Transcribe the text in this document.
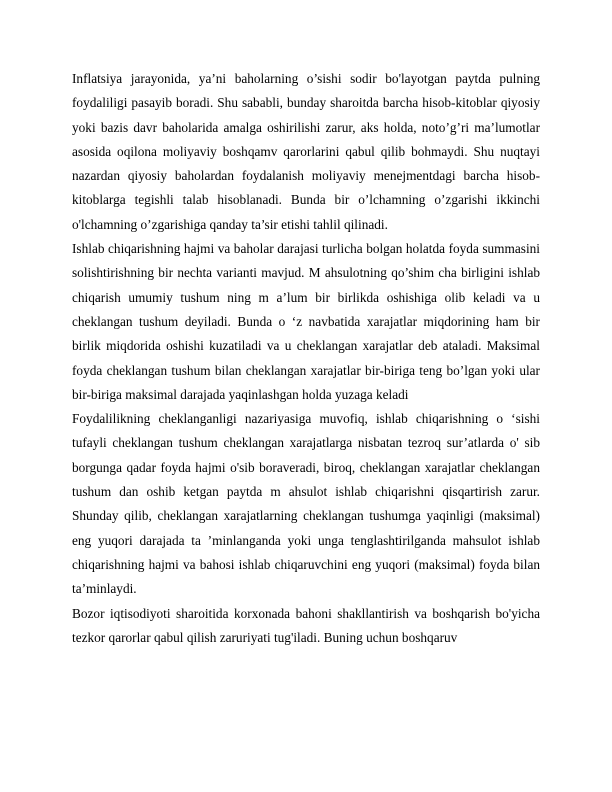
Inflatsiya jarayonida, ya’ni baholarning o’sishi sodir bo'layotgan paytda pulning foydaliligi pasayib boradi. Shu sababli, bunday sharoitda barcha hisob-kitoblar qiyosiy yoki bazis davr baholarida amalga oshirilishi zarur, aks holda, noto’g’ri ma’lumotlar asosida oqilona moliyaviy boshqamv qarorlarini qabul qilib bohmaydi. Shu nuqtayi nazardan qiyosiy baholardan foydalanish moliyaviy menejmentdagi barcha hisob-kitoblarga tegishli talab hisoblanadi. Bunda bir o’lchamning o’zgarishi ikkinchi o'lchamning o’zgarishiga qanday ta’sir etishi tahlil qilinadi.

Ishlab chiqarishning hajmi va baholar darajasi turlicha bolgan holatda foyda summasini solishtirishning bir nechta varianti mavjud. M ahsulotning qo’shim cha birligini ishlab chiqarish umumiy tushum ning m a’lum bir birlikda oshishiga olib keladi va u cheklangan tushum deyiladi. Bunda o ‘z navbatida xarajatlar miqdorining ham bir birlik miqdorida oshishi kuzatiladi va u cheklangan xarajatlar deb ataladi. Maksimal foyda cheklangan tushum bilan cheklangan xarajatlar bir-biriga teng bo’lgan yoki ular bir-biriga maksimal darajada yaqinlashgan holda yuzaga keladi

Foydalilikning cheklanganligi nazariyasiga muvofiq, ishlab chiqarishning o ‘sishi tufayli cheklangan tushum cheklangan xarajatlarga nisbatan tezroq sur’atlarda o' sib borgunga qadar foyda hajmi o'sib boraveradi, biroq, cheklangan xarajatlar cheklangan tushum dan oshib ketgan paytda m ahsulot ishlab chiqarishni qisqartirish zarur. Shunday qilib, cheklangan xarajatlarning cheklangan tushumga yaqinligi (maksimal) eng yuqori darajada ta ’minlanganda yoki unga tenglashtirilganda mahsulot ishlab chiqarishning hajmi va bahosi ishlab chiqaruvchini eng yuqori (maksimal) foyda bilan ta’minlaydi.

Bozor iqtisodiyoti sharoitida korxonada bahoni shakllantirish va boshqarish bo'yicha tezkor qarorlar qabul qilish zaruriyati tug'iladi. Buning uchun boshqaruv
